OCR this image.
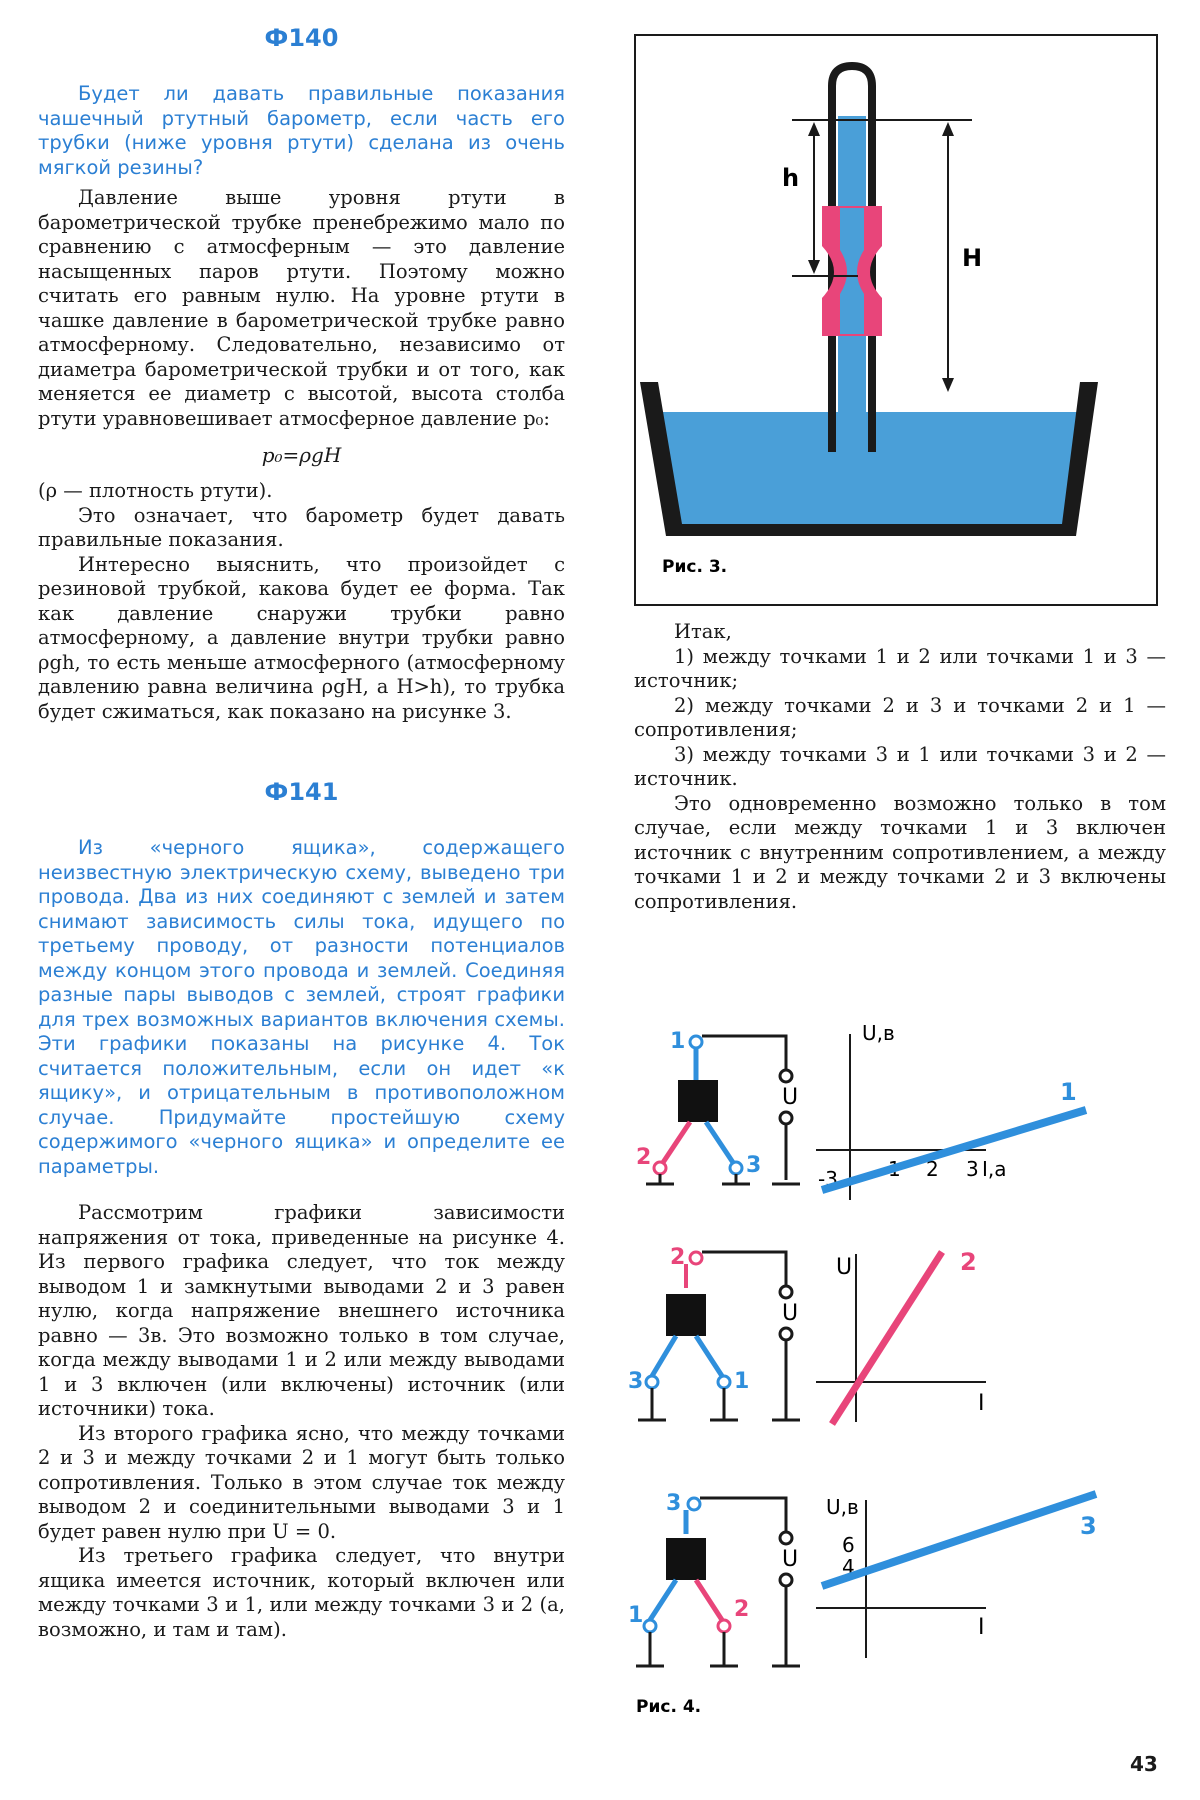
Ф140

Будет ли давать правильные показания чашечный ртутный барометр, если часть его трубки (ниже уровня ртути) сделана из очень мягкой резины?

Давление выше уровня ртути в барометрической трубке пренебрежимо мало по сравнению с атмосферным — это давление насыщенных паров ртути. Поэтому можно считать его равным нулю. На уровне ртути в чашке давление в барометрической трубке равно атмосферному. Следовательно, независимо от диаметра барометрической трубки и от того, как меняется ее диаметр с высотой, высота столба ртути уравновешивает атмосферное давление p₀:

p₀=ρgH

(ρ — плотность ртути).

Это означает, что барометр будет давать правильные показания.

Интересно выяснить, что произойдет с резиновой трубкой, какова будет ее форма. Так как давление снаружи трубки равно атмосферному, а давление внутри трубки равно ρgh, то есть меньше атмосферного (атмосферному давлению равна величина ρgH, а H>h), то трубка будет сжиматься, как показано на рисунке 3.

Ф141

Из «черного ящика», содержащего неизвестную электрическую схему, выведено три провода. Два из них соединяют с землей и затем снимают зависимость силы тока, идущего по третьему проводу, от разности потенциалов между концом этого провода и землей. Соединяя разные пары выводов с землей, строят графики для трех возможных вариантов включения схемы. Эти графики показаны на рисунке 4. Ток считается положительным, если он идет «к ящику», и отрицательным в противоположном случае. Придумайте простейшую схему содержимого «черного ящика» и определите ее параметры.

Рассмотрим графики зависимости напряжения от тока, приведенные на рисунке 4. Из первого графика следует, что ток между выводом 1 и замкнутыми выводами 2 и 3 равен нулю, когда напряжение внешнего источника равно — 3в. Это возможно только в том случае, когда между выводами 1 и 2 или между выводами 1 и 3 включен (или включены) источник (или источники) тока.

Из второго графика ясно, что между точками 2 и 3 и между точками 2 и 1 могут быть только сопротивления. Только в этом случае ток между выводом 2 и соединительными выводами 3 и 1 будет равен нулю при U = 0.

Из третьего графика следует, что внутри ящика имеется источник, который включен или между точками 3 и 1, или между точками 3 и 2 (а, возможно, и там и там).

h
H
Рис. 3.

Итак,

1) между точками 1 и 2 или точками 1 и 3 — источник;

2) между точками 2 и 3 и точками 2 и 1 — сопротивления;

3) между точками 3 и 1 или точками 3 и 2 — источник.

Это одновременно возможно только в том случае, если между точками 1 и 3 включен источник с внутренним сопротивлением, а между точками 1 и 2 и между точками 2 и 3 включены сопротивления.

1
U
2	3
U,в
I,a
2 3
-3
1
2
U
3	1
U
I
2
3
U
1	2
U,в
I
6
4
3
Рис. 4.
43
